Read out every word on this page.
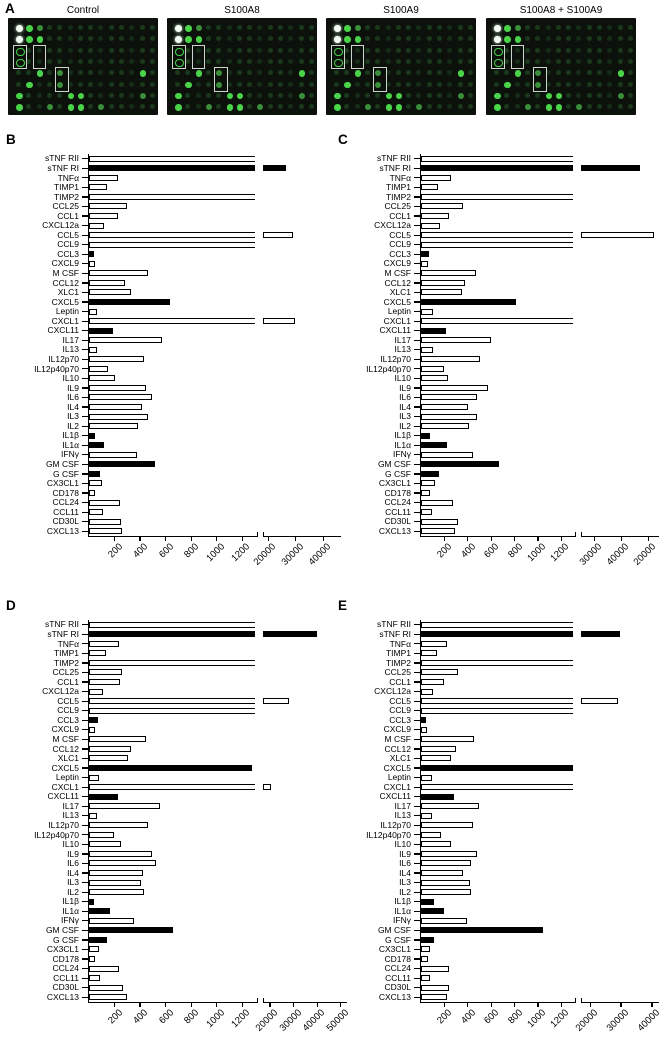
A	Control	S100A8	S100A9	S100A8 + S100A9
B
sTNF RII
sTNF RI
TNFα
TIMP1
TIMP2
CCL25
CCL1
CXCL12a
CCL5
CCL9
CCL3
CXCL9
M CSF
CCL12
XLC1
CXCL5
Leptin
CXCL1
CXCL11
IL17
IL13
IL12p70
IL12p40p70
IL10
IL9
IL6
IL4
IL3
IL2
IL1β
IL1α
IFNγ
GM CSF
G CSF
CX3CL1
CD178
CCL24
CCL11
CD30L
CXCL13
200 400 600 800 1000 1200 20000 30000 40000
C
sTNF RII
sTNF RI
TNFα
TIMP1
TIMP2
CCL25
CCL1
CXCL12a
CCL5
CCL9
CCL3
CXCL9
M CSF
CCL12
XLC1
CXCL5
Leptin
CXCL1
CXCL11
IL17
IL13
IL12p70
IL12p40p70
IL10
IL9
IL6
IL4
IL3
IL2
IL1β
IL1α
IFNγ
GM CSF
G CSF
CX3CL1
CD178
CCL24
CCL11
CD30L
CXCL13
200 400 600 800 1000 1200 30000 40000 20000
D
sTNF RII
sTNF RI
TNFα
TIMP1
TIMP2
CCL25
CCL1
CXCL12a
CCL5
CCL9
CCL3
CXCL9
M CSF
CCL12
XLC1
CXCL5
Leptin
CXCL1
CXCL11
IL17
IL13
IL12p70
IL12p40p70
IL10
IL9
IL6
IL4
IL3
IL2
IL1β
IL1α
IFNγ
GM CSF
G CSF
CX3CL1
CD178
CCL24
CCL11
CD30L
CXCL13
200 400 600 800 1000 1200 20000
30000
40000
50000
E
sTNF RII
sTNF RI
TNFα
TIMP1
TIMP2
CCL25
CCL1
CXCL12a
CCL5
CCL9
CCL3
CXCL9
M CSF
CCL12
XLC1
CXCL5
Leptin
CXCL1
CXCL11
IL17
IL13
IL12p70
IL12p40p70
IL10
IL9
IL6
IL4
IL3
IL2
IL1β
IL1α
IFNγ
GM CSF
G CSF
CX3CL1
CD178
CCL24
CCL11
CD30L
CXCL13
200 400 600 800 1000 1200 20000 30000 40000
